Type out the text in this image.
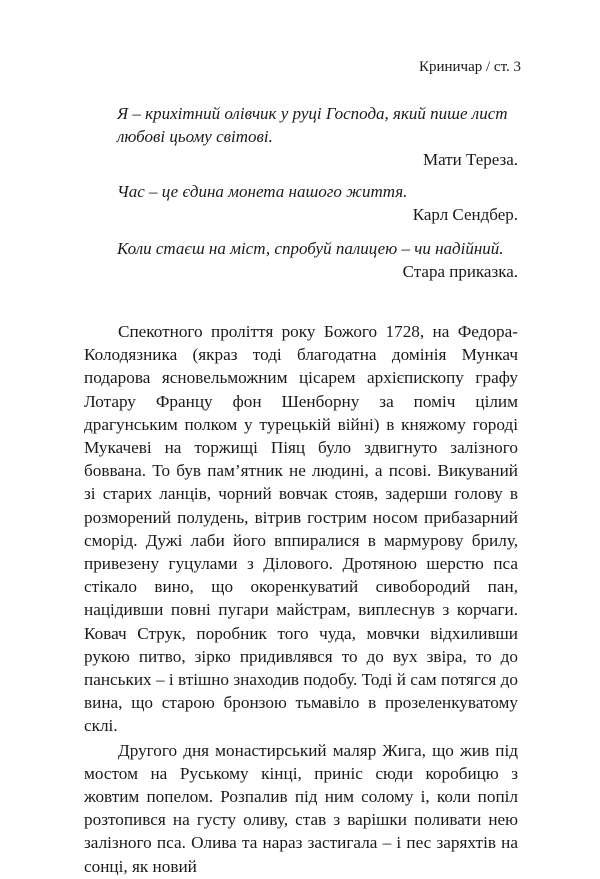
Криничар / ст. 3

Я – крихітний олівчик у руці Господа, який пише лист любові цьому світові.

Мати Тереза.

Час – це єдина монета нашого життя.

Карл Сендбер.

Коли стаєш на міст, спробуй палицею – чи надійний.

Стара приказка.

Спекотного проліття року Божого 1728, на Федора-Колодязника (якраз тоді благодатна домінія Мункач подарова ясновельможним цісарем архієпископу графу Лотару Францу фон Шенборну за поміч цілим драгунським полком у турецькій війні) в княжому городі Мукачеві на торжищі Піяц було здвигнуто залізного боввана. То був пам’ятник не людині, а псові. Викуваний зі старих ланців, чорний вовчак стояв, задерши голову в розморений полудень, вітрив гострим носом прибазарний сморід. Дужі лаби його вппиралися в мармурову брилу, привезену гуцулами з Ділового. Дротяною шерстю пса стікало вино, що окоренкуватий сивобородий пан, націдивши повні пугари майстрам, виплеснув з корчаги. Ковач Струк, поробник того чуда, мовчки відхиливши рукою питво, зірко придивлявся то до вух звіра, то до панських – і втішно знаходив подобу. Тоді й сам потягся до вина, що старою бронзою тьмавіло в прозеленкуватому склі.

Другого дня монастирський маляр Жига, що жив під мостом на Руському кінці, приніс сюди коробицю з жовтим попелом. Розпалив під ним солому і, коли попіл розтопився на густу оливу, став з варішки поливати нею залізного пса. Олива та нараз застигала – і пес заряхтів на сонці, як новий
